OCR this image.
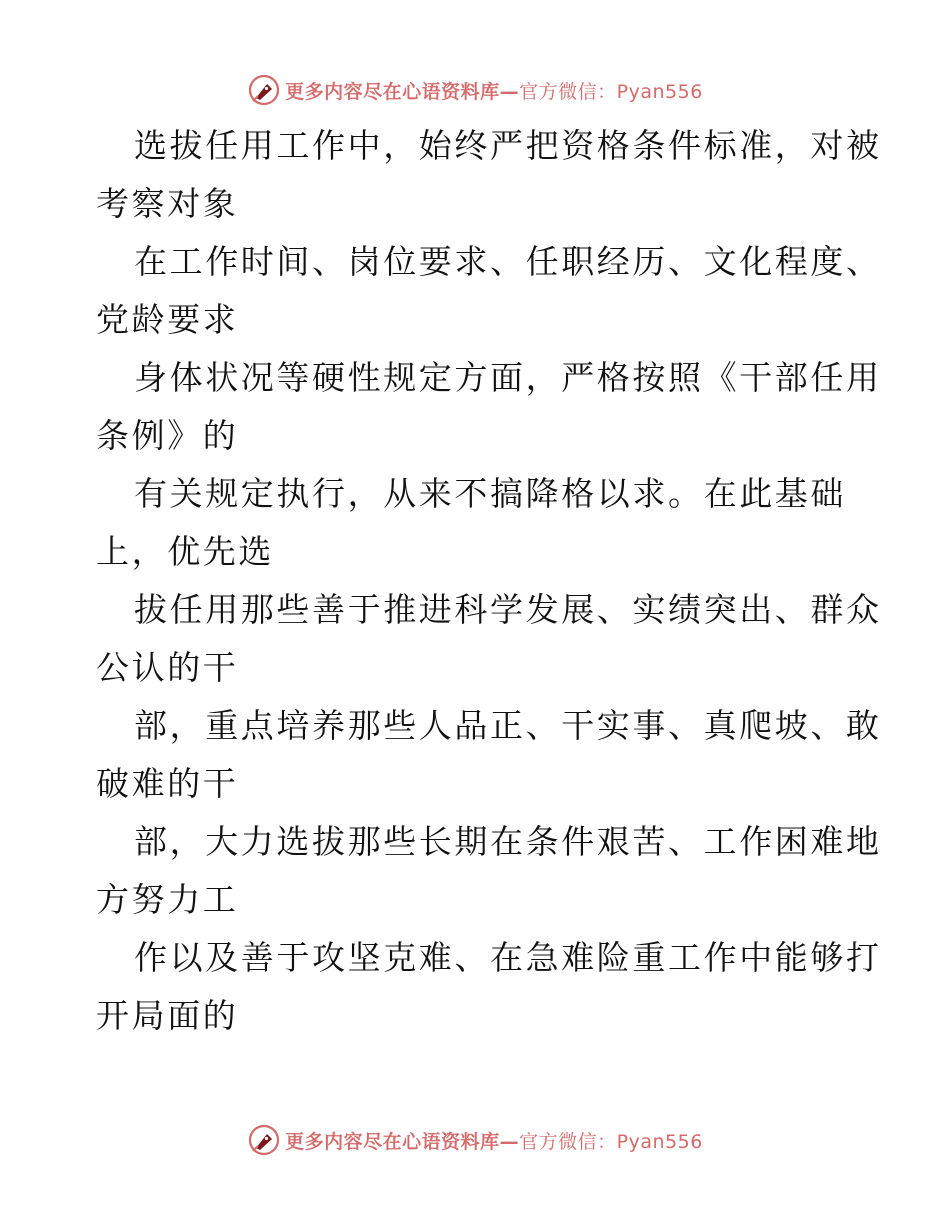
更多内容尽在心语资料库—官方微信：Pyan556
选拔任用工作中，始终严把资格条件标准，对被
考察对象
在工作时间、岗位要求、任职经历、文化程度、
党龄要求
身体状况等硬性规定方面，严格按照《干部任用
条例》的
有关规定执行，从来不搞降格以求。在此基础
上，优先选
拔任用那些善于推进科学发展、实绩突出、群众
公认的干
部，重点培养那些人品正、干实事、真爬坡、敢
破难的干
部，大力选拔那些长期在条件艰苦、工作困难地
方努力工
作以及善于攻坚克难、在急难险重工作中能够打
开局面的
更多内容尽在心语资料库—官方微信：Pyan556
